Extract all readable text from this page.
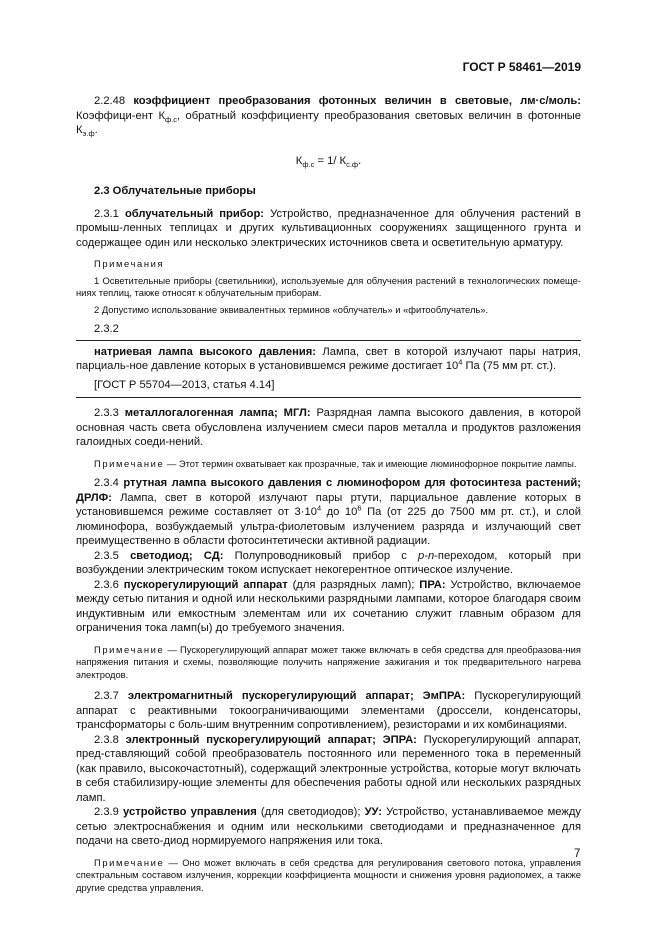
ГОСТ Р 58461—2019

2.2.48 коэффициент преобразования фотонных величин в световые, лм·с/моль: Коэффици-ент $К_{ф.с}$, обратный коэффициенту преобразования световых величин в фотонные $К_{э.ф}$.

$К_{ф.с} = 1/$ $К_{с.ф}$.

2.3 Облучательные приборы

2.3.1 облучательный прибор: Устройство, предназначенное для облучения растений в промыш-ленных теплицах и других культивационных сооружениях защищенного грунта и содержащее один или несколько электрических источников света и осветительную арматуру.

Примечания

1 Осветительные приборы (светильники), используемые для облучения растений в технологических помеще-ниях теплиц, также относят к облучательным приборам.

2 Допустимо использование эквивалентных терминов «облучатель» и «фитооблучатель».

2.3.2

натриевая лампа высокого давления: Лампа, свет в которой излучают пары натрия, парциаль-ное давление которых в установившемся режиме достигает $10^4$ Па (75 мм рт. ст.).

[ГОСТ Р 55704—2013, статья 4.14]

2.3.3 металлогалогенная лампа; МГЛ: Разрядная лампа высокого давления, в которой основная часть света обусловлена излучением смеси паров металла и продуктов разложения галоидных соеди-нений.

Примечание — Этот термин охватывает как прозрачные, так и имеющие люминофорное покрытие лампы.

2.3.4 ртутная лампа высокого давления с люминофором для фотосинтеза растений; ДРЛФ: Лампа, свет в которой излучают пары ртути, парциальное давление которых в установившемся режиме составляет от $3\cdot 10^4$ до $10^6$ Па (от 225 до 7500 мм рт. ст.), и слой люминофора, возбуждаемый ультра-фиолетовым излучением разряда и излучающий свет преимущественно в области фотосинтетически активной радиации.

2.3.5 светодиод; СД: Полупроводниковый прибор с p-n-переходом, который при возбуждении электрическим током испускает некогерентное оптическое излучение.

2.3.6 пускорегулирующий аппарат (для разрядных ламп); ПРА: Устройство, включаемое между сетью питания и одной или несколькими разрядными лампами, которое благодаря своим индуктивным или емкостным элементам или их сочетанию служит главным образом для ограничения тока ламп(ы) до требуемого значения.

Примечание — Пускорегулирующий аппарат может также включать в себя средства для преобразова-ния напряжения питания и схемы, позволяющие получить напряжение зажигания и ток предварительного нагрева электродов.

2.3.7 электромагнитный пускорегулирующий аппарат; ЭмПРА: Пускорегулирующий аппарат с реактивными токоограничивающими элементами (дроссели, конденсаторы, трансформаторы с боль-шим внутренним сопротивлением), резисторами и их комбинациями.

2.3.8 электронный пускорегулирующий аппарат; ЭПРА: Пускорегулирующий аппарат, пред-ставляющий собой преобразователь постоянного или переменного тока в переменный (как правило, высокочастотный), содержащий электронные устройства, которые могут включать в себя стабилизиру-ющие элементы для обеспечения работы одной или нескольких разрядных ламп.

2.3.9 устройство управления (для светодиодов); УУ: Устройство, устанавливаемое между сетью электроснабжения и одним или несколькими светодиодами и предназначенное для подачи на свето-диод нормируемого напряжения или тока.

Примечание — Оно может включать в себя средства для регулирования светового потока, управления спектральным составом излучения, коррекции коэффициента мощности и снижения уровня радиопомех, а также другие средства управления.

7
